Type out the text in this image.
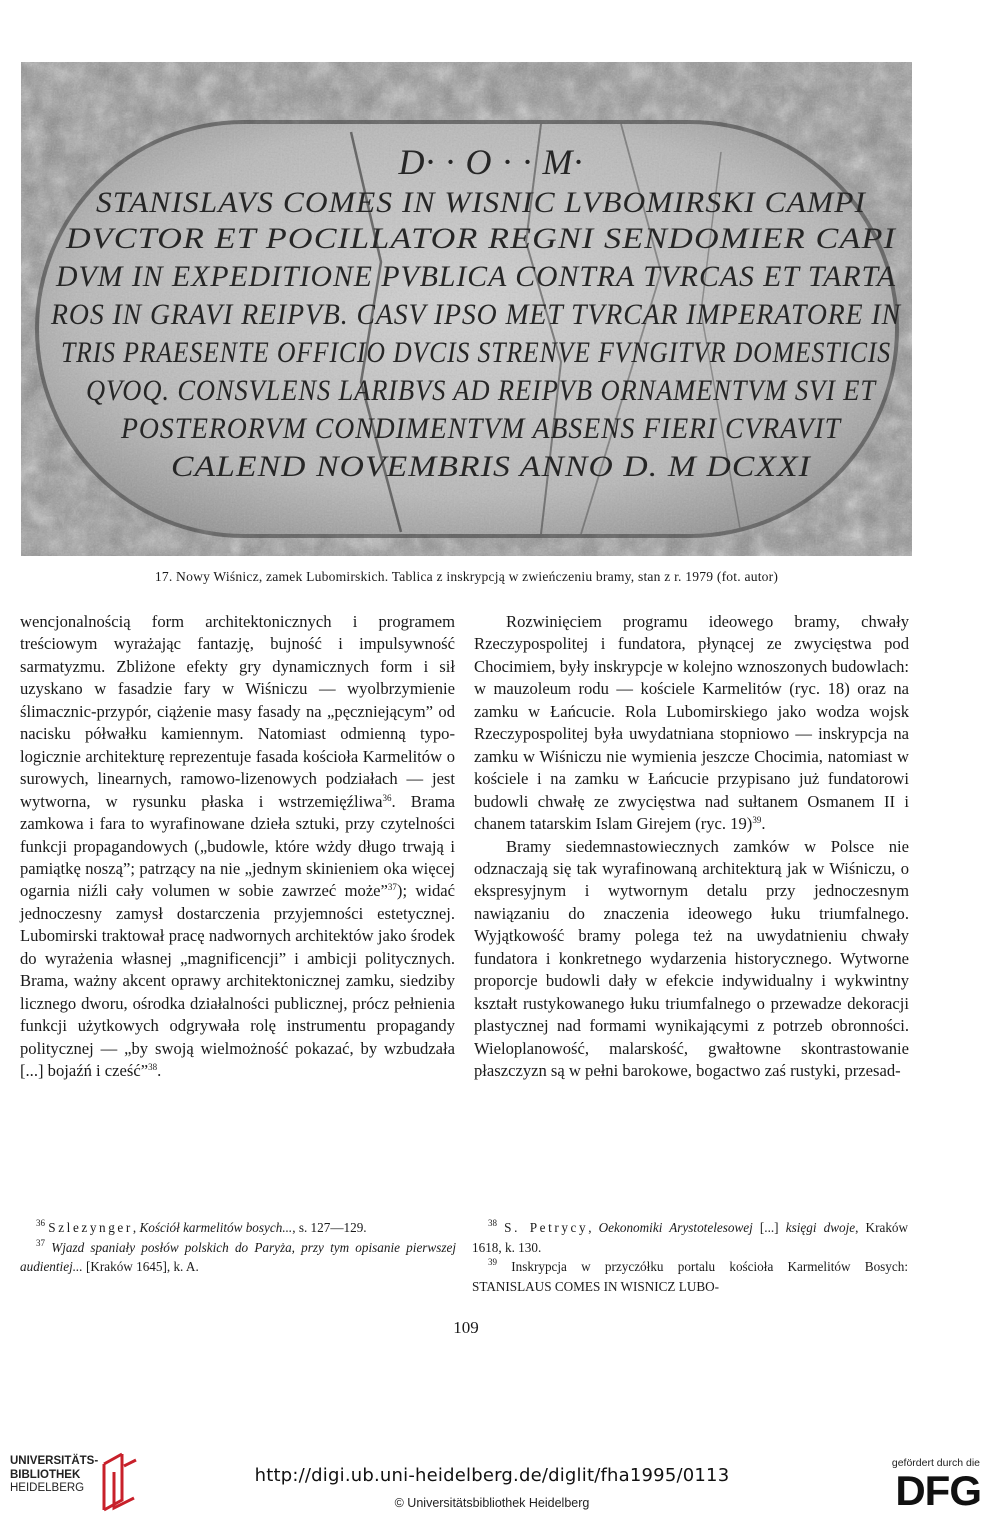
D· · O · · M·
STANISLAVS COMES IN WISNIC LVBOMIRSKI CAMPI
DVCTOR ET POCILLATOR REGNI SENDOMIER CAPI
DVM IN EXPEDITIONE PVBLICA CONTRA TVRCAS ET TARTA
ROS IN GRAVI REIPVB. CASV IPSO MET TVRCAR IMPERATORE IN
TRIS PRAESENTE OFFICIO DVCIS STRENVE FVNGITVR DOMESTICIS
QVOQ. CONSVLENS LARIBVS AD REIPVB ORNAMENTVM SVI ET
POSTERORVM CONDIMENTVM ABSENS FIERI CVRAVIT
CALEND NOVEMBRIS ANNO D. M DCXXI
17. Nowy Wiśnicz, zamek Lubomirskich. Tablica z inskrypcją w zwieńczeniu bramy, stan z r. 1979 (fot. autor)

wencjonalnością form architektonicznych i programem treściowym wyrażając fantazję, bujność i impulsywność sarmatyzmu. Zbliżone efekty gry dynamicznych form i sił uzyskano w fasadzie fary w Wiśniczu — wyolbrzymienie ślimacznic-przypór, ciążenie masy fasady na „pęczniejącym” od nacisku półwałku kamiennym. Natomiast odmienną typologicznie architekturę reprezentuje fasada kościoła Karmelitów o surowych, linearnych, ramowo-lizenowych podziałach — jest wytworna, w rysunku płaska i wstrzemięźliwa$^{36}$. Brama zamkowa i fara to wyrafinowane dzieła sztuki, przy czytelności funkcji propagandowych („budowle, które wżdy długo trwają i pamiątkę noszą”; patrzący na nie „jednym skinieniem oka więcej ogarnia niźli cały volumen w sobie zawrzeć może”$^{37}$); widać jednoczesny zamysł dostarczenia przyjemności estetycznej. Lubomirski traktował pracę nadwornych architektów jako środek do wyrażenia własnej „magnificencji” i ambicji politycznych. Brama, ważny akcent oprawy architektonicznej zamku, siedziby licznego dworu, ośrodka działalności publicznej, prócz pełnienia funkcji użytkowych odgrywała rolę instrumentu propagandy politycznej — „by swoją wielmożność pokazać, by wzbudzała [...] bojaźń i cześć”$^{38}$.

Rozwinięciem programu ideowego bramy, chwały Rzeczypospolitej i fundatora, płynącej ze zwycięstwa pod Chocimiem, były inskrypcje w kolejno wznoszonych budowlach: w mauzoleum rodu — kościele Karmelitów (ryc. 18) oraz na zamku w Łańcucie. Rola Lubomirskiego jako wodza wojsk Rzeczypospolitej była uwydatniana stopniowo — inskrypcja na zamku w Wiśniczu nie wymienia jeszcze Chocimia, natomiast w kościele i na zamku w Łańcucie przypisano już fundatorowi budowli chwałę ze zwycięstwa nad sułtanem Osmanem II i chanem tatarskim Islam Girejem (ryc. 19)$^{39}$.

Bramy siedemnastowiecznych zamków w Polsce nie odznaczają się tak wyrafinowaną architekturą jak w Wiśniczu, o ekspresyjnym i wytwornym detalu przy jednoczesnym nawiązaniu do znaczenia ideowego łuku triumfalnego. Wyjątkowość bramy polega też na uwydatnieniu chwały fundatora i konkretnego wydarzenia historycznego. Wytworne proporcje budowli dały w efekcie indywidualny i wykwintny kształt rustykowanego łuku triumfalnego o przewadze dekoracji plastycznej nad formami wynikającymi z potrzeb obronności. Wieloplanowość, malarskość, gwałtowne skontrastowanie płaszczyzn są w pełni barokowe, bogactwo zaś rustyki, przesad-

$^{36}$ Szlezynger, Kościół karmelitów bosych..., s. 127—129.

$^{37}$ Wjazd spaniały posłów polskich do Paryża, przy tym opisanie pierwszej audientiej... [Kraków 1645], k. A.

$^{38}$ S. Petrycy, Oekonomiki Arystotelesowej [...] księgi dwoje, Kraków 1618, k. 130.

$^{39}$ Inskrypcja w przyczółku portalu kościoła Karmelitów Bosych: STANISLAUS COMES IN WISNICZ LUBO-

109
UNIVERSITÄTS-
BIBLIOTHEK
HEIDELBERG
http://digi.ub.uni-heidelberg.de/diglit/fha1995/0113
© Universitätsbibliothek Heidelberg
gefördert durch die
DFG
